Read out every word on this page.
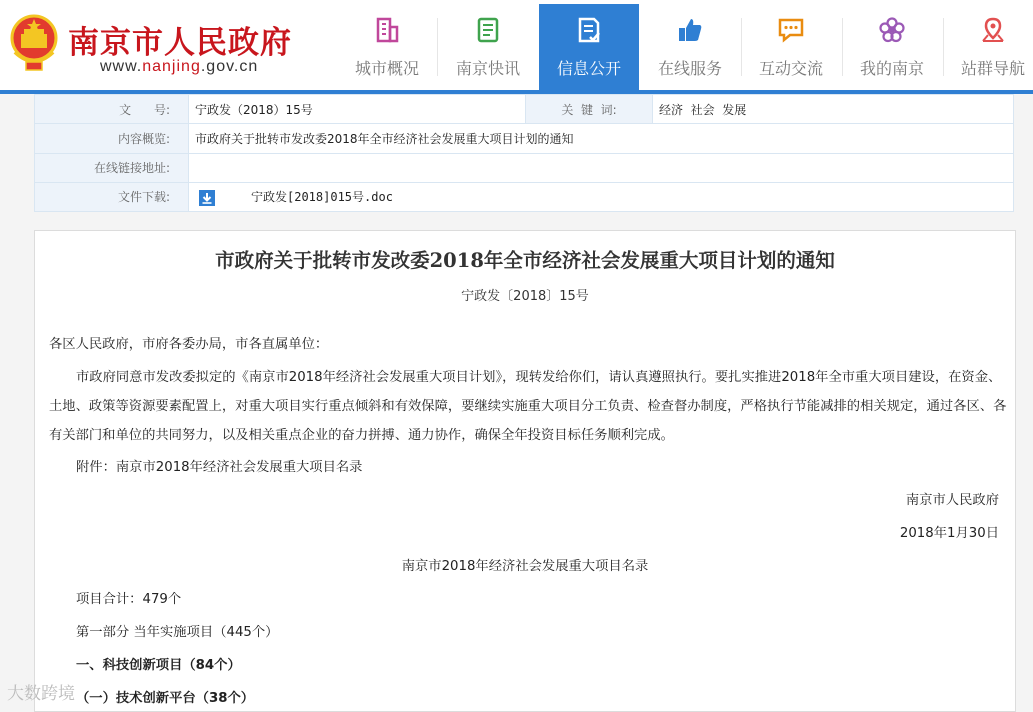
南京市人民政府
www.nanjing.gov.cn	城市概况	南京快讯	信息公开	在线服务	互动交流	我的南京	站群导航
文      号:	宁政发（2018）15号	关  键  词:	经济  社会  发展
内容概览:	市政府关于批转市发改委2018年全市经济社会发展重大项目计划的通知		
在线链接地址:			
文件下载:	宁政发[2018]015号.doc		
市政府关于批转市发改委2018年全市经济社会发展重大项目计划的通知
宁政发〔2018〕15号
各区人民政府，市府各委办局，市各直属单位：
市政府同意市发改委拟定的《南京市2018年经济社会发展重大项目计划》，现转发给你们，请认真遵照执行。要扎实推进2018年全市重大项目建设，在资金、土地、政策等资源要素配置上，对重大项目实行重点倾斜和有效保障，要继续实施重大项目分工负责、检查督办制度，严格执行节能减排的相关规定，通过各区、各有关部门和单位的共同努力，以及相关重点企业的奋力拼搏、通力协作，确保全年投资目标任务顺利完成。
附件：南京市2018年经济社会发展重大项目名录
南京市人民政府
2018年1月30日
南京市2018年经济社会发展重大项目名录
项目合计：479个
第一部分 当年实施项目（445个）
一、科技创新项目（84个）
（一）技术创新平台（38个）
大数跨境
